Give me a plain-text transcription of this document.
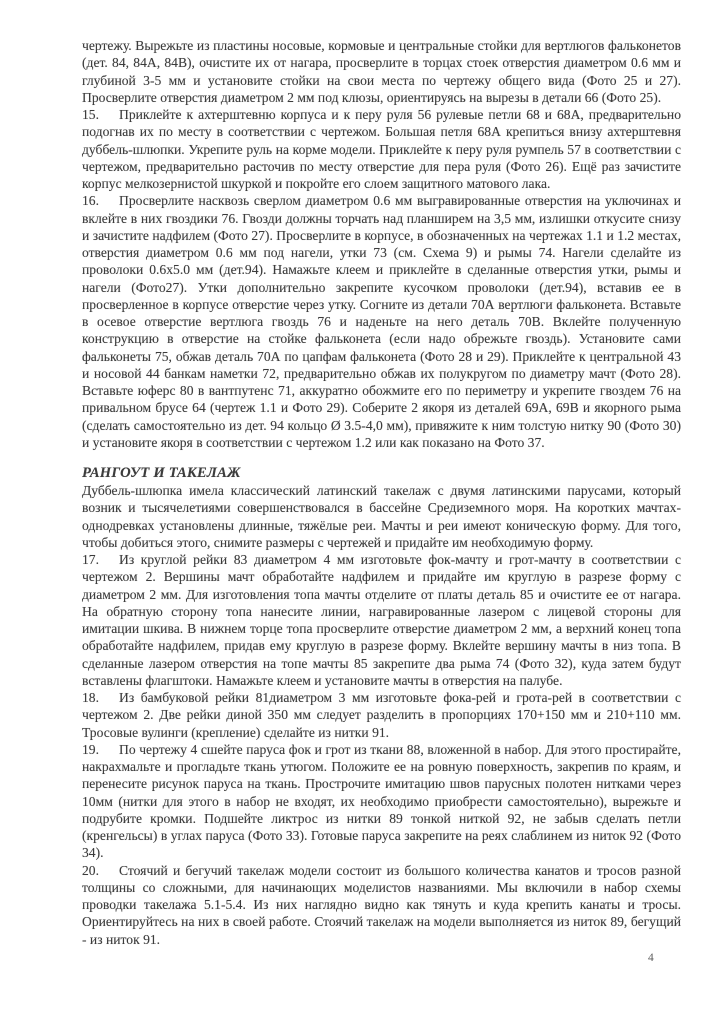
чертежу. Вырежьте из пластины носовые, кормовые и центральные стойки для вертлюгов фальконетов (дет. 84, 84А, 84В), очистите их от нагара, просверлите в торцах стоек отверстия диаметром 0.6 мм и глубиной 3-5 мм и установите стойки на свои места по чертежу общего вида (Фото 25 и 27). Просверлите отверстия диаметром 2 мм под клюзы, ориентируясь на вырезы в детали 66 (Фото 25).

15. Приклейте к ахтерштевню корпуса и к перу руля 56 рулевые петли 68 и 68А, предварительно подогнав их по месту в соответствии с чертежом. Большая петля 68А крепиться внизу ахтерштевня дуббель-шлюпки. Укрепите руль на корме модели. Приклейте к перу руля румпель 57 в соответствии с чертежом, предварительно расточив по месту отверстие для пера руля (Фото 26). Ещё раз зачистите корпус мелкозернистой шкуркой и покройте его слоем защитного матового лака.

16. Просверлите насквозь сверлом диаметром 0.6 мм выгравированные отверстия на уключинах и вклейте в них гвоздики 76. Гвозди должны торчать над планширем на 3,5 мм, излишки откусите снизу и зачистите надфилем (Фото 27). Просверлите в корпусе, в обозначенных на чертежах 1.1 и 1.2 местах, отверстия диаметром 0.6 мм под нагели, утки 73 (см. Схема 9) и рымы 74. Нагели сделайте из проволоки 0.6х5.0 мм (дет.94). Намажьте клеем и приклейте в сделанные отверстия утки, рымы и нагели (Фото27). Утки дополнительно закрепите кусочком проволоки (дет.94), вставив ее в просверленное в корпусе отверстие через утку. Согните из детали 70А вертлюги фальконета. Вставьте в осевое отверстие вертлюга гвоздь 76 и наденьте на него деталь 70В. Вклейте полученную конструкцию в отверстие на стойке фальконета (если надо обрежьте гвоздь). Установите сами фальконеты 75, обжав деталь 70А по цапфам фальконета (Фото 28 и 29). Приклейте к центральной 43 и носовой 44 банкам наметки 72, предварительно обжав их полукругом по диаметру мачт (Фото 28). Вставьте юферс 80 в вантпутенс 71, аккуратно обожмите его по периметру и укрепите гвоздем 76 на привальном брусе 64 (чертеж 1.1 и Фото 29). Соберите 2 якоря из деталей 69А, 69В и якорного рыма (сделать самостоятельно из дет. 94 кольцо Ø 3.5-4,0 мм), привяжите к ним толстую нитку 90 (Фото 30) и установите якоря в соответствии с чертежом 1.2 или как показано на Фото 37.

РАНГОУТ И ТАКЕЛАЖ

Дуббель-шлюпка имела классический латинский такелаж с двумя латинскими парусами, который возник и тысячелетиями совершенствовался в бассейне Средиземного моря. На коротких мачтах-однодревках установлены длинные, тяжёлые реи. Мачты и реи имеют коническую форму. Для того, чтобы добиться этого, снимите размеры с чертежей и придайте им необходимую форму.

17. Из круглой рейки 83 диаметром 4 мм изготовьте фок-мачту и грот-мачту в соответствии с чертежом 2. Вершины мачт обработайте надфилем и придайте им круглую в разрезе форму с диаметром 2 мм. Для изготовления топа мачты отделите от платы деталь 85 и очистите ее от нагара. На обратную сторону топа нанесите линии, награвированные лазером с лицевой стороны для имитации шкива. В нижнем торце топа просверлите отверстие диаметром 2 мм, а верхний конец топа обработайте надфилем, придав ему круглую в разрезе форму. Вклейте вершину мачты в низ топа. В сделанные лазером отверстия на топе мачты 85 закрепите два рыма 74 (Фото 32), куда затем будут вставлены флагштоки. Намажьте клеем и установите мачты в отверстия на палубе.

18. Из бамбуковой рейки 81диаметром 3 мм изготовьте фока-рей и грота-рей в соответствии с чертежом 2. Две рейки диной 350 мм следует разделить в пропорциях 170+150 мм и 210+110 мм. Тросовые вулинги (крепление) сделайте из нитки 91.

19. По чертежу 4 сшейте паруса фок и грот из ткани 88, вложенной в набор. Для этого простирайте, накрахмальте и прогладьте ткань утюгом. Положите ее на ровную поверхность, закрепив по краям, и перенесите рисунок паруса на ткань. Прострочите имитацию швов парусных полотен нитками через 10мм (нитки для этого в набор не входят, их необходимо приобрести самостоятельно), вырежьте и подрубите кромки. Подшейте ликтрос из нитки 89 тонкой ниткой 92, не забыв сделать петли (кренгельсы) в углах паруса (Фото 33). Готовые паруса закрепите на реях слаблинем из ниток 92 (Фото 34).

20. Стоячий и бегучий такелаж модели состоит из большого количества канатов и тросов разной толщины со сложными, для начинающих моделистов названиями. Мы включили в набор схемы проводки такелажа 5.1-5.4. Из них наглядно видно как тянуть и куда крепить канаты и тросы. Ориентируйтесь на них в своей работе. Стоячий такелаж на модели выполняется из ниток 89, бегущий - из ниток 91.

4
